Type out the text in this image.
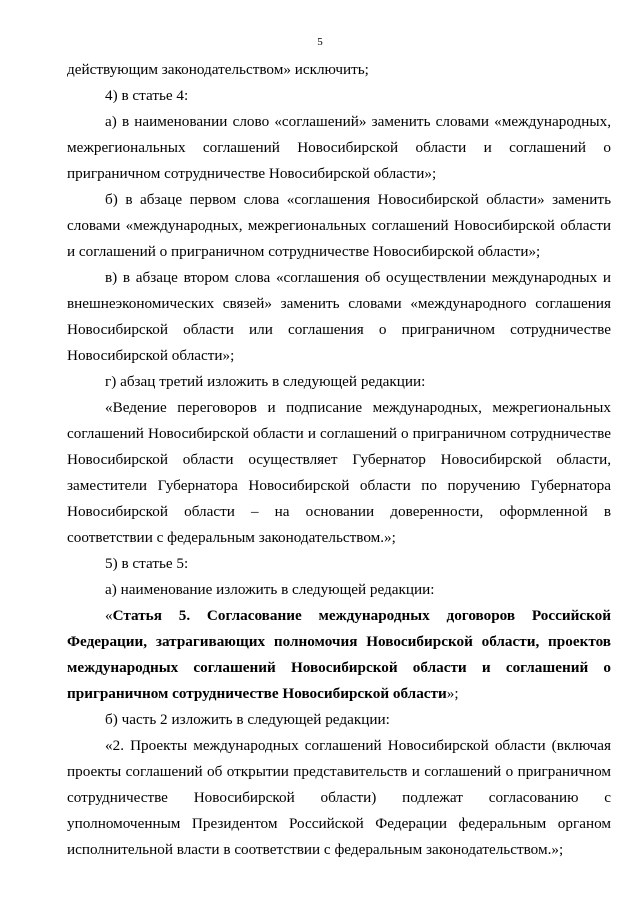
5

действующим законодательством» исключить;

4) в статье 4:

а) в наименовании слово «соглашений» заменить словами «международных, межрегиональных соглашений Новосибирской области и соглашений о приграничном сотрудничестве Новосибирской области»;

б) в абзаце первом слова «соглашения Новосибирской области» заменить словами «международных, межрегиональных соглашений Новосибирской области и соглашений о приграничном сотрудничестве Новосибирской области»;

в) в абзаце втором слова «соглашения об осуществлении международных и внешнеэкономических связей» заменить словами «международного соглашения Новосибирской области или соглашения о приграничном сотрудничестве Новосибирской области»;

г) абзац третий изложить в следующей редакции:

«Ведение переговоров и подписание международных, межрегиональных соглашений Новосибирской области и соглашений о приграничном сотрудничестве Новосибирской области осуществляет Губернатор Новосибирской области, заместители Губернатора Новосибирской области по поручению Губернатора Новосибирской области – на основании доверенности, оформленной в соответствии с федеральным законодательством.»;

5) в статье 5:

а) наименование изложить в следующей редакции:

«Статья 5. Согласование международных договоров Российской Федерации, затрагивающих полномочия Новосибирской области, проектов международных соглашений Новосибирской области и соглашений о приграничном сотрудничестве Новосибирской области»;

б) часть 2 изложить в следующей редакции:

«2. Проекты международных соглашений Новосибирской области (включая проекты соглашений об открытии представительств и соглашений о приграничном сотрудничестве Новосибирской области) подлежат согласованию с уполномоченным Президентом Российской Федерации федеральным органом исполнительной власти в соответствии с федеральным законодательством.»;
